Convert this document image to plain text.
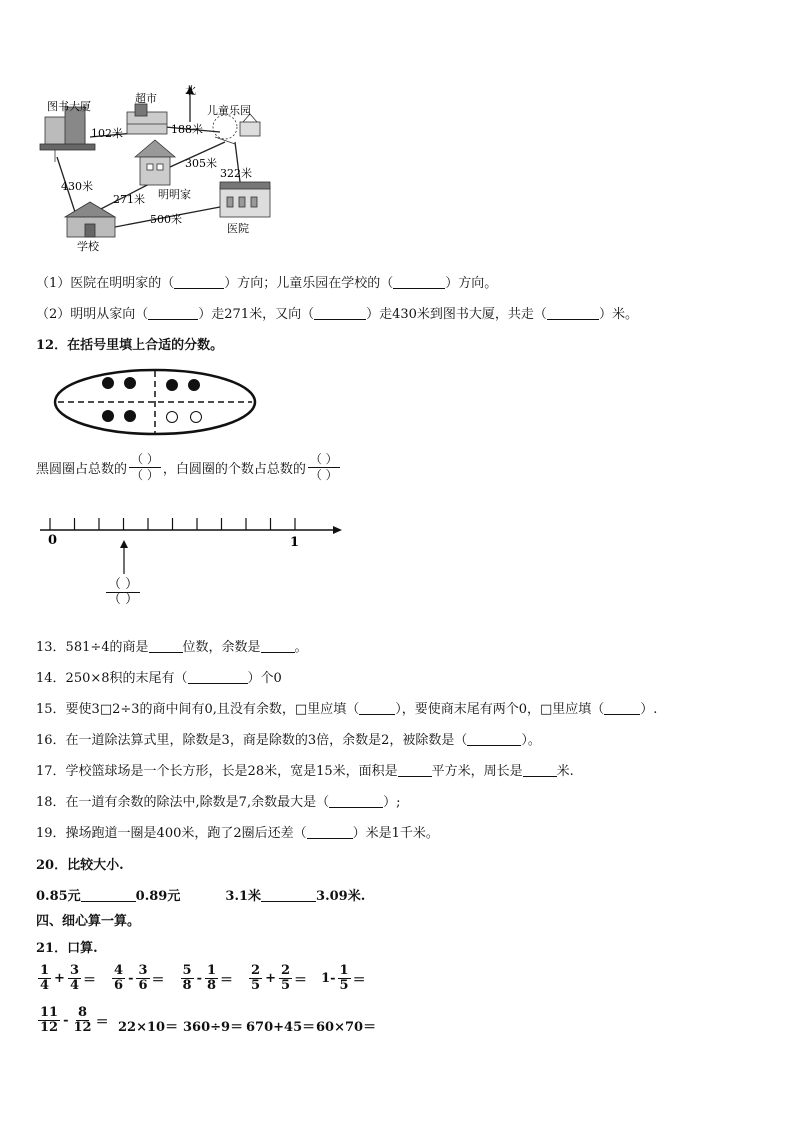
北
图书大厦
超市
儿童乐园
明明家
学校
医院
102米	188米
305米
322米
430米
271米
500米
（1）医院在明明家的（	）方向；儿童乐园在学校的（	）方向。
（2）明明从家向（	）走271米，又向（	）走430米到图书大厦，共走（	）米。
12．在括号里填上合适的分数。
黑圆圈占总数的 $\frac{( )}{( )}$ ，白圆圈的个数占总数的 $\frac{( )}{( )}$
0	1
（ ）
（ ）
13．581÷4的商是	位数，余数是	。
14．250×8积的末尾有（	）个0
15．要使3□2÷3的商中间有0,且没有余数，□里应填（	），要使商末尾有两个0，□里应填（	）.
16．在一道除法算式里，除数是3，商是除数的3倍，余数是2，被除数是（	）。
17．学校篮球场是一个长方形，长是28米，宽是15米，面积是	平方米，周长是	米.
18．在一道有余数的除法中,除数是7,余数最大是（	）;
19．操场跑道一圈是400米，跑了2圈后还差（	）米是1千米。
20．比较大小.
0.85元	0.89元	3.1米	3.09米.
四、细心算一算。
21．口算.
$\frac{1}{4} + \frac{3}{4} = \frac{4}{6} - \frac{3}{6} = \frac{5}{8} - \frac{1}{8} = \frac{2}{5} + \frac{2}{5} = 1- \frac{1}{5}$ ＝
$\frac{11}{12} - \frac{8}{12} = 22\times 10= 360\div 9= 670+45= 60\times 70=$
